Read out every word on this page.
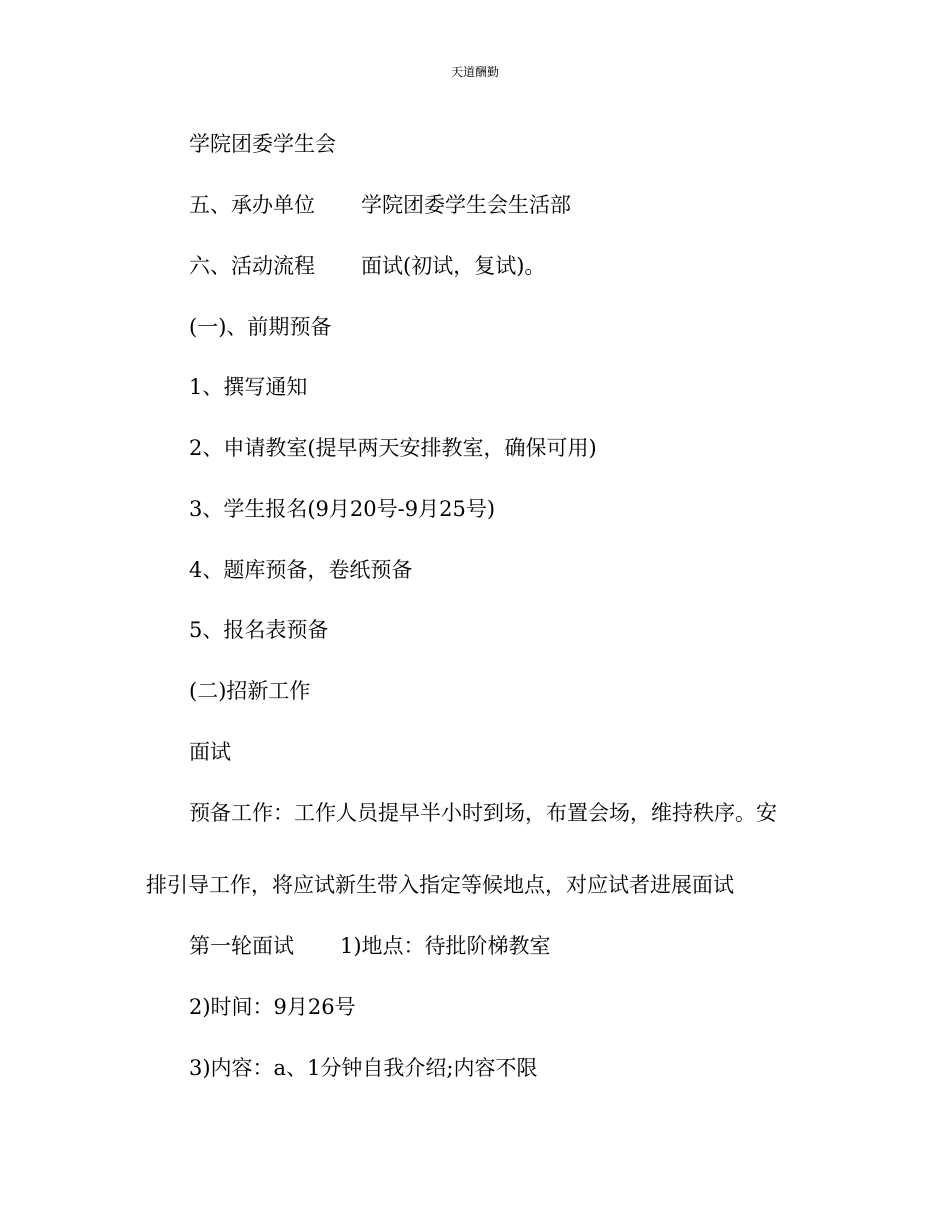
天道酬勤
学院团委学生会
五、承办单位 学院团委学生会生活部
六、活动流程 面试(初试，复试)。
(一)、前期预备
1、撰写通知
2、申请教室(提早两天安排教室，确保可用)
3、学生报名(9月20号-9月25号)
4、题库预备，卷纸预备
5、报名表预备
(二)招新工作
面试
预备工作：工作人员提早半小时到场，布置会场，维持秩序。安
排引导工作，将应试新生带入指定等候地点，对应试者进展面试
第一轮面试 1)地点：待批阶梯教室
2)时间：9月26号
3)内容：a、1分钟自我介绍;内容不限
